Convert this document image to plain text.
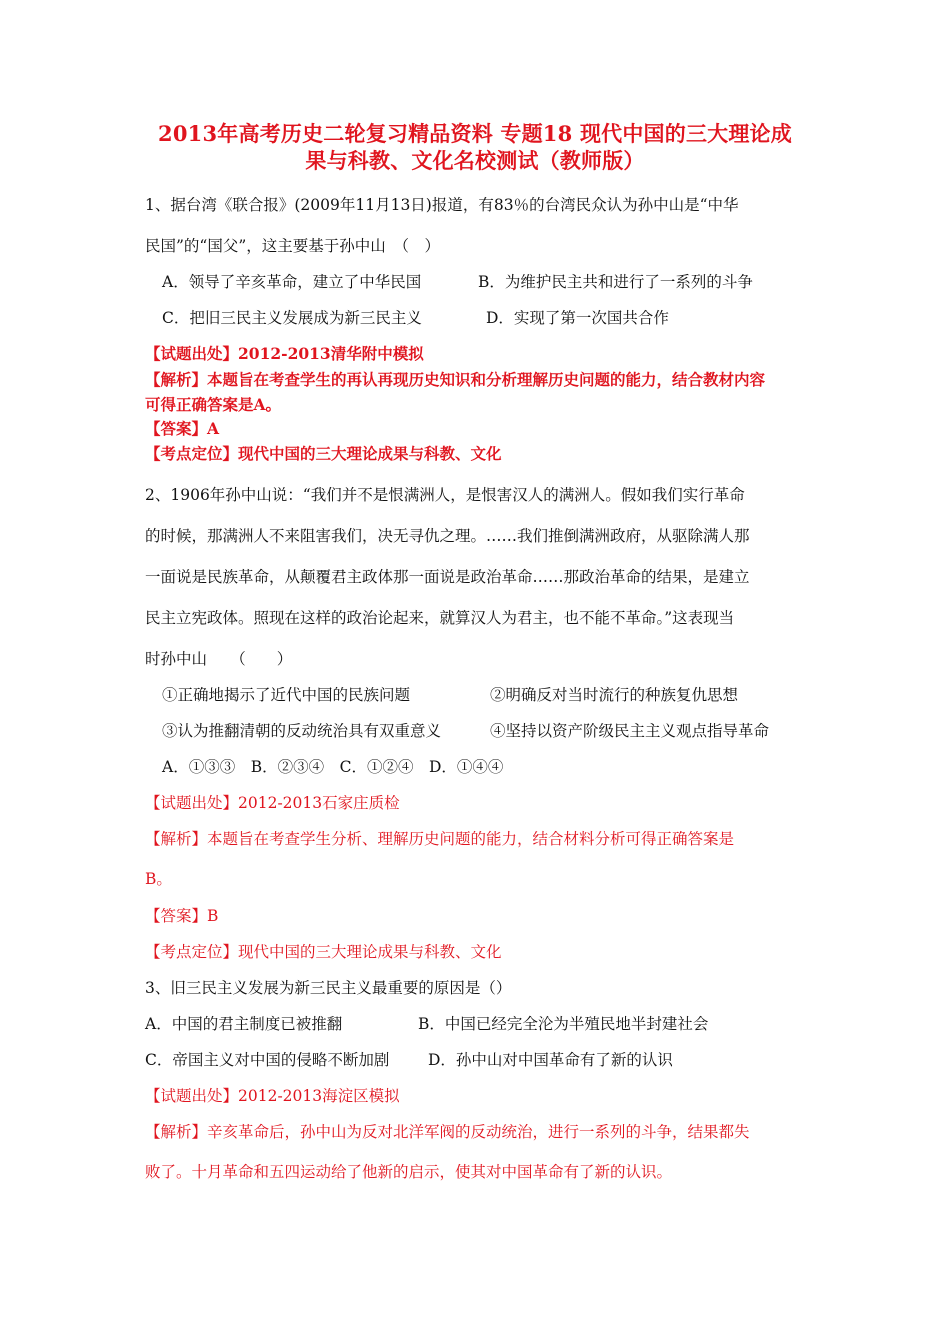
2013年高考历史二轮复习精品资料 专题18 现代中国的三大理论成
果与科教、文化名校测试（教师版）
1、据台湾《联合报》(2009年11月13日)报道，有83％的台湾民众认为孙中山是“中华
民国”的“国父”，这主要基于孙中山　（　）
A．领导了辛亥革命，建立了中华民国	B．为维护民主共和进行了一系列的斗争
C．把旧三民主义发展成为新三民主义	D．实现了第一次国共合作
【试题出处】2012-2013清华附中模拟
【解析】本题旨在考查学生的再认再现历史知识和分析理解历史问题的能力，结合教材内容
可得正确答案是A。
【答案】A
【考点定位】现代中国的三大理论成果与科教、文化
2、1906年孙中山说：“我们并不是恨满洲人，是恨害汉人的满洲人。假如我们实行革命
的时候，那满洲人不来阻害我们，决无寻仇之理。……我们推倒满洲政府，从驱除满人那
一面说是民族革命，从颠覆君主政体那一面说是政治革命……那政治革命的结果，是建立
民主立宪政体。照现在这样的政治论起来，就算汉人为君主，也不能不革命。”这表现当
时孙中山　　（　　）
①正确地揭示了近代中国的民族问题	②明确反对当时流行的种族复仇思想
③认为推翻清朝的反动统治具有双重意义	④坚持以资产阶级民主主义观点指导革命
A．①③③　B．②③④　C．①②④　D．①④④
【试题出处】2012-2013石家庄质检
【解析】本题旨在考查学生分析、理解历史问题的能力，结合材料分析可得正确答案是
B。
【答案】B
【考点定位】现代中国的三大理论成果与科教、文化
3、旧三民主义发展为新三民主义最重要的原因是（）
A．中国的君主制度已被推翻	B．中国已经完全沦为半殖民地半封建社会
C．帝国主义对中国的侵略不断加剧 D．孙中山对中国革命有了新的认识
【试题出处】2012-2013海淀区模拟
【解析】辛亥革命后，孙中山为反对北洋军阀的反动统治，进行一系列的斗争，结果都失
败了。十月革命和五四运动给了他新的启示，使其对中国革命有了新的认识。
